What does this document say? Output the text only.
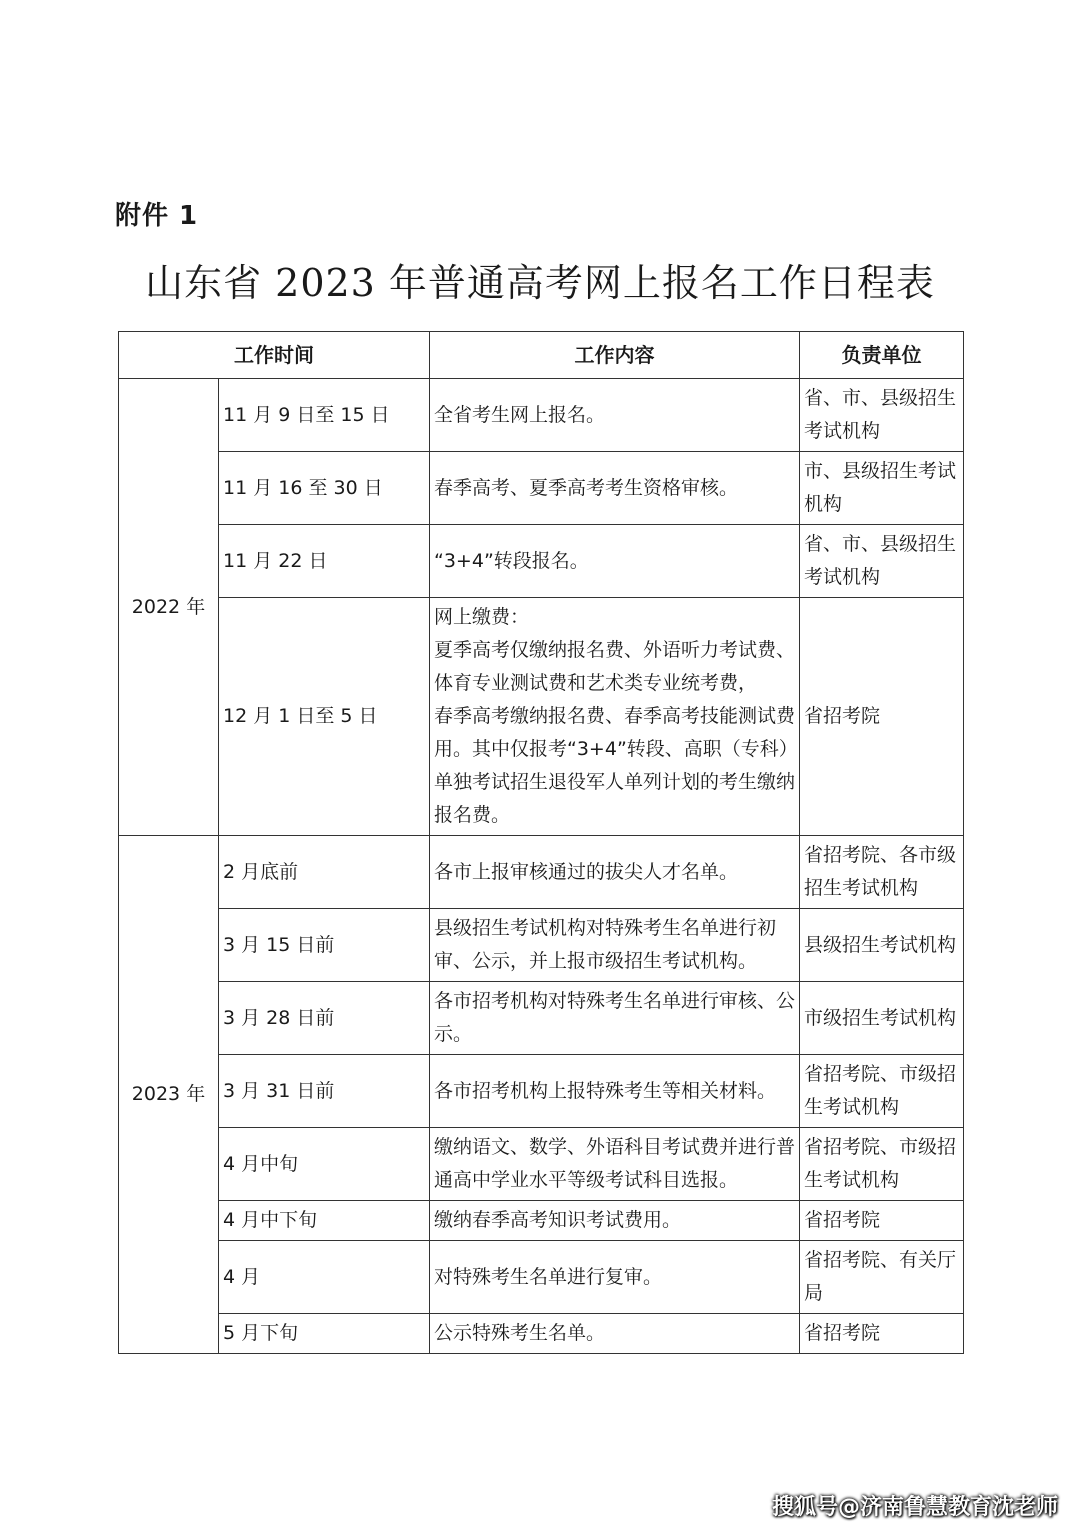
附件 1
山东省 2023 年普通高考网上报名工作日程表
工作时间		工作内容	负责单位
2022 年	11 月 9 日至 15 日	全省考生网上报名。	省、市、县级招生考试机构
	11 月 16 至 30 日	春季高考、夏季高考考生资格审核。	市、县级招生考试机构
	11 月 22 日	“3+4”转段报名。	省、市、县级招生考试机构
	12 月 1 日至 5 日	网上缴费：
夏季高考仅缴纳报名费、外语听力考试费、体育专业测试费和艺术类专业统考费，
春季高考缴纳报名费、春季高考技能测试费用。其中仅报考“3+4”转段、高职（专科）单独考试招生退役军人单列计划的考生缴纳报名费。	省招考院
2023 年	2 月底前	各市上报审核通过的拔尖人才名单。	省招考院、各市级招生考试机构
	3 月 15 日前	县级招生考试机构对特殊考生名单进行初审、公示，并上报市级招生考试机构。	县级招生考试机构
	3 月 28 日前	各市招考机构对特殊考生名单进行审核、公示。	市级招生考试机构
	3 月 31 日前	各市招考机构上报特殊考生等相关材料。	省招考院、市级招生考试机构
	4 月中旬	缴纳语文、数学、外语科目考试费并进行普通高中学业水平等级考试科目选报。	省招考院、市级招生考试机构
	4 月中下旬	缴纳春季高考知识考试费用。	省招考院
	4 月	对特殊考生名单进行复审。	省招考院、有关厅局
	5 月下旬	公示特殊考生名单。	省招考院
搜狐号@济南鲁慧教育沈老师
